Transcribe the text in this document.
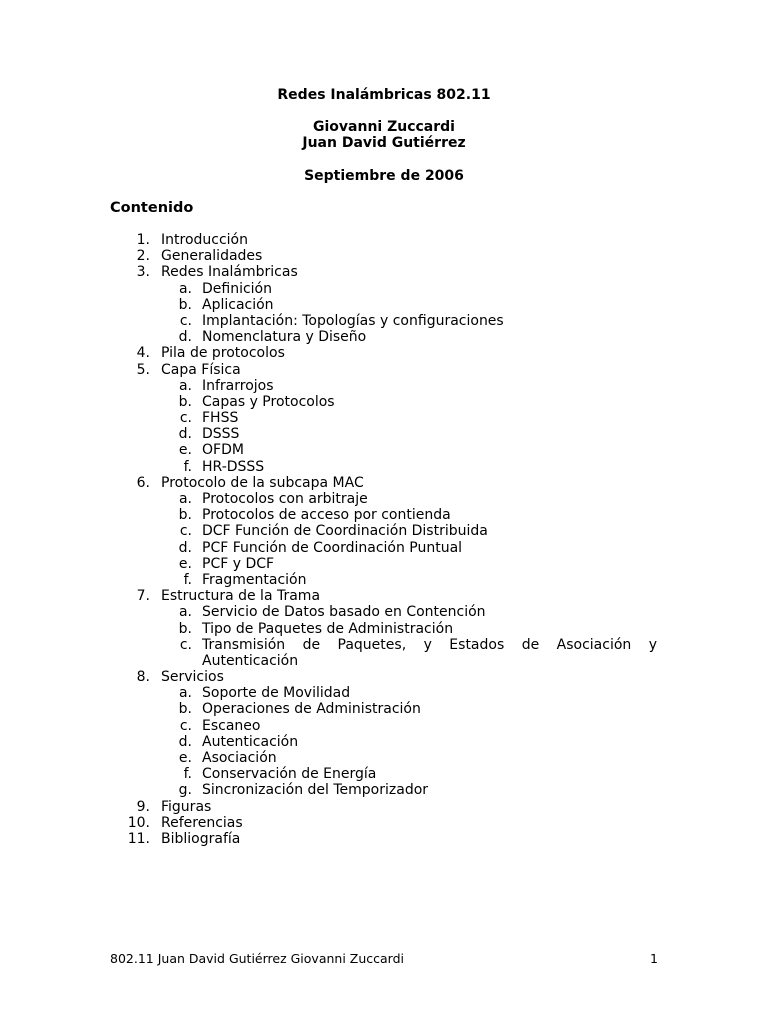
Redes Inalámbricas 802.11
Giovanni Zuccardi
Juan David Gutiérrez
Septiembre de 2006
Contenido
1. Introducción
2. Generalidades
3. Redes Inalámbricas
a. Definición
b. Aplicación
c. Implantación: Topologías y configuraciones
d. Nomenclatura y Diseño
4. Pila de protocolos
5. Capa Física
a. Infrarrojos
b. Capas y Protocolos
c. FHSS
d. DSSS
e. OFDM
f. HR-DSSS
6. Protocolo de la subcapa MAC
a. Protocolos con arbitraje
b. Protocolos de acceso por contienda
c. DCF Función de Coordinación Distribuida
d. PCF Función de Coordinación Puntual
e. PCF y DCF
f. Fragmentación
7. Estructura de la Trama
a. Servicio de Datos basado en Contención
b. Tipo de Paquetes de Administración
c. Transmisión de Paquetes, y Estados de Asociación y Autenticación
8. Servicios
a. Soporte de Movilidad
b. Operaciones de Administración
c. Escaneo
d. Autenticación
e. Asociación
f. Conservación de Energía
g. Sincronización del Temporizador
9. Figuras
10. Referencias
11. Bibliografía
802.11 Juan David Gutiérrez Giovanni Zuccardi	1
